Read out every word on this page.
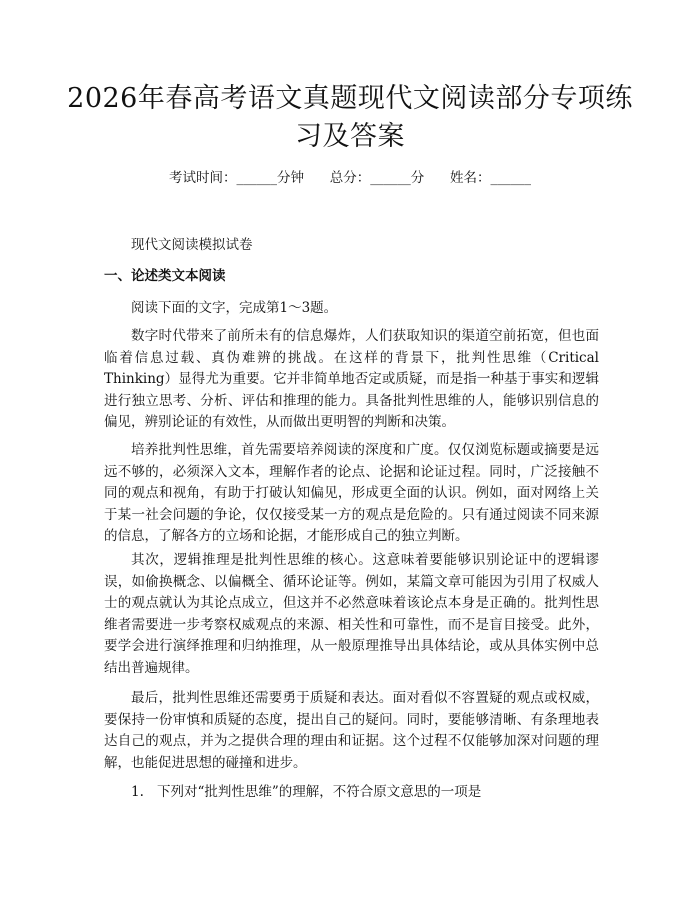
2026年春高考语文真题现代文阅读部分专项练习及答案
考试时间：______分钟 总分：______分 姓名：______
现代文阅读模拟试卷
一、论述类文本阅读
阅读下面的文字，完成第1～3题。

数字时代带来了前所未有的信息爆炸，人们获取知识的渠道空前拓宽，但也面临着信息过载、真伪难辨的挑战。在这样的背景下，批判性思维（Critical Thinking）显得尤为重要。它并非简单地否定或质疑，而是指一种基于事实和逻辑进行独立思考、分析、评估和推理的能力。具备批判性思维的人，能够识别信息的偏见，辨别论证的有效性，从而做出更明智的判断和决策。

培养批判性思维，首先需要培养阅读的深度和广度。仅仅浏览标题或摘要是远远不够的，必须深入文本，理解作者的论点、论据和论证过程。同时，广泛接触不同的观点和视角，有助于打破认知偏见，形成更全面的认识。例如，面对网络上关于某一社会问题的争论，仅仅接受某一方的观点是危险的。只有通过阅读不同来源的信息，了解各方的立场和论据，才能形成自己的独立判断。

其次，逻辑推理是批判性思维的核心。这意味着要能够识别论证中的逻辑谬误，如偷换概念、以偏概全、循环论证等。例如，某篇文章可能因为引用了权威人士的观点就认为其论点成立，但这并不必然意味着该论点本身是正确的。批判性思维者需要进一步考察权威观点的来源、相关性和可靠性，而不是盲目接受。此外，要学会进行演绎推理和归纳推理，从一般原理推导出具体结论，或从具体实例中总结出普遍规律。

最后，批判性思维还需要勇于质疑和表达。面对看似不容置疑的观点或权威，要保持一份审慎和质疑的态度，提出自己的疑问。同时，要能够清晰、有条理地表达自己的观点，并为之提供合理的理由和证据。这个过程不仅能够加深对问题的理解，也能促进思想的碰撞和进步。

1. 下列对“批判性思维”的理解，不符合原文意思的一项是
